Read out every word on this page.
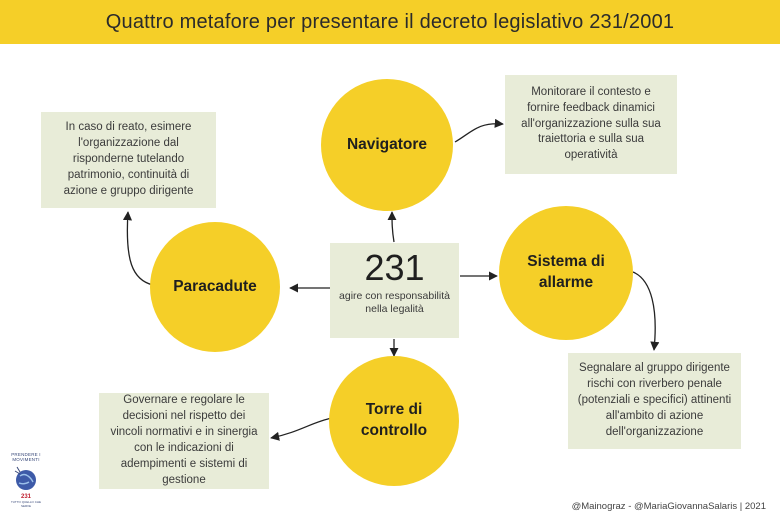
Quattro metafore per presentare il decreto legislativo 231/2001
Navigatore
Paracadute
Sistema di allarme
Torre di controllo
231
agire con responsabilità nella legalità
Monitorare il contesto e fornire feedback dinamici all'organizzazione sulla sua traiettoria e sulla sua operatività
In caso di reato, esimere l'organizzazione dal risponderne tutelando patrimonio, continuità di azione e gruppo dirigente
Segnalare al gruppo dirigente rischi con riverbero penale (potenziali e specifici) attinenti all'ambito di azione dell'organizzazione
Governare e regolare le decisioni nel rispetto dei vincoli normativi e in sinergia con le indicazioni di adempimenti e sistemi di gestione
PRENDERE I MOVIMENTI
231
TUTTO QUELLO CHE SERVE	@Mainograz - @MariaGiovannaSalaris | 2021
